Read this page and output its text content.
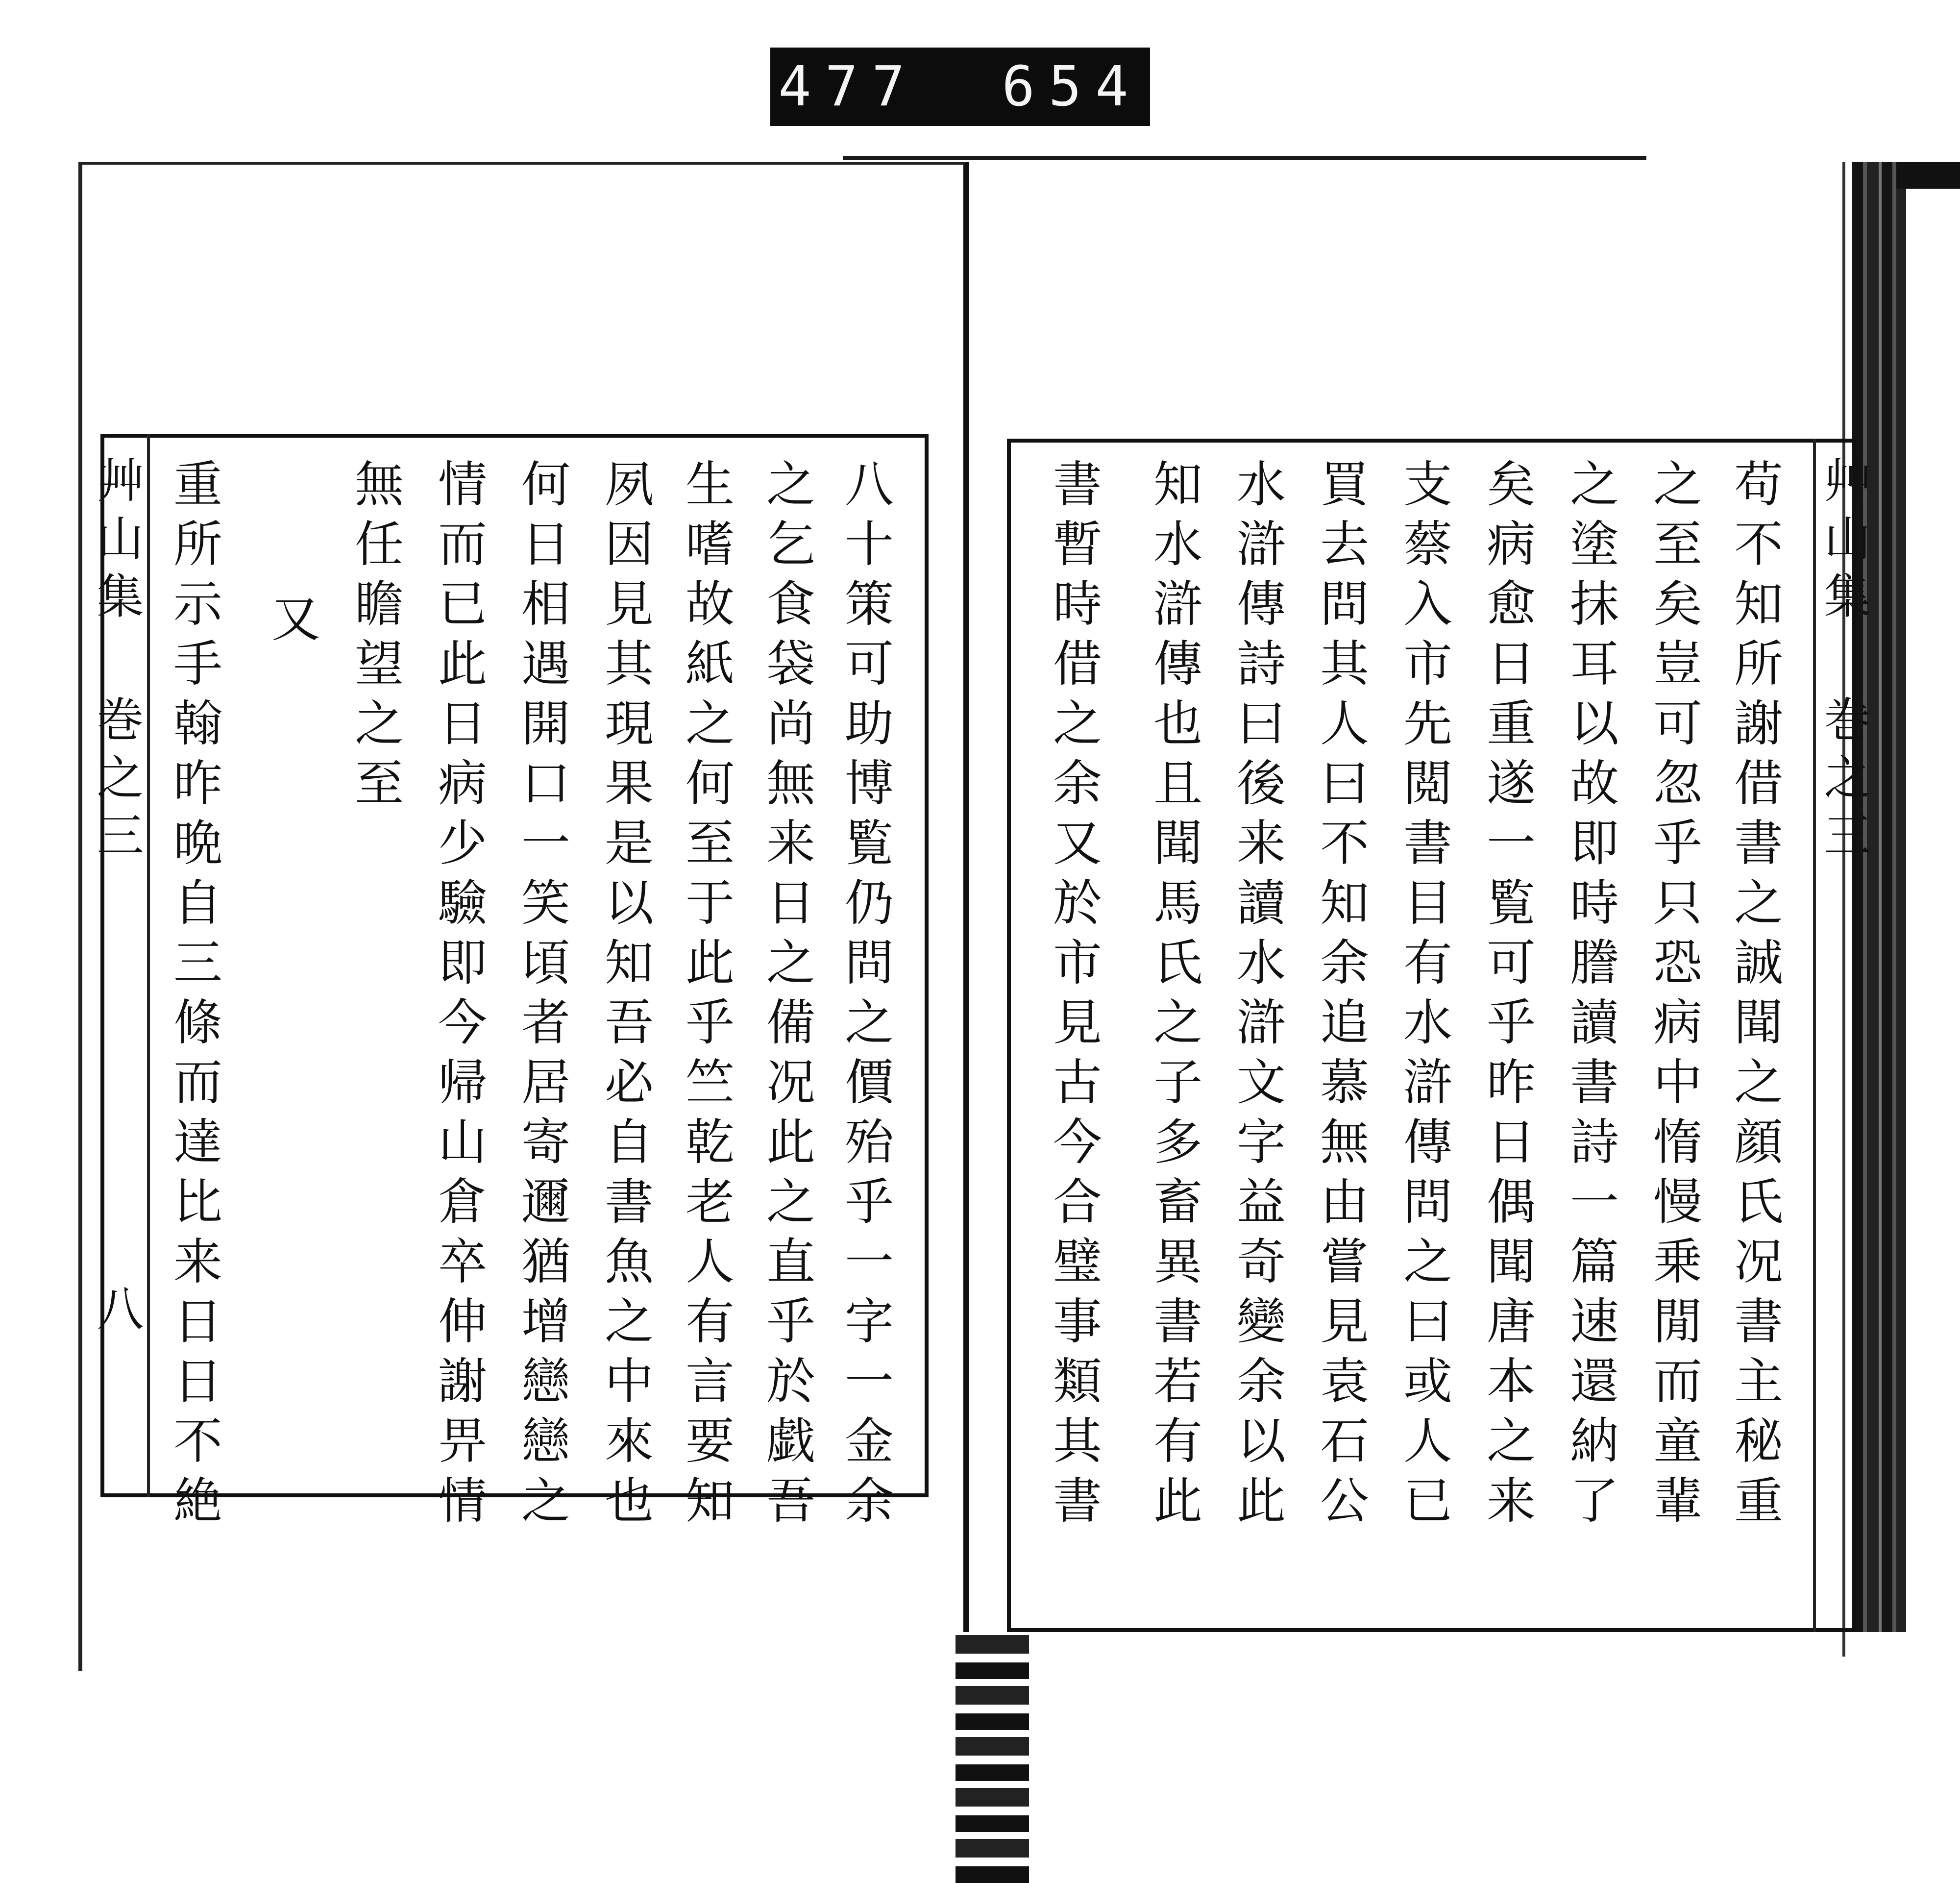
477 654
艸山集 巻之三
八	八十策可助博覧仍問之價殆乎一字一金余
之乞食袋尚無来日之備况此之直乎於戯吾
生嗜故紙之何至于此乎竺乾老人有言要知
夙因見其現果是以知吾必自書魚之中來也
何日相遇開口一笑頃者居寄邇猶增戀戀之
情而已此日病少驗即今帰山倉卒伸謝畀情
無任瞻望之至
又
重所示手翰昨晩自三條而達比来日日不絶	艸山集 巻之三
苟不知所謝借書之誠聞之顔氏况書主秘重
之至矣豈可忽乎只恐病中惰慢乗閒而童輩
之塗抹耳以故即時謄讀書詩一篇速還納了
矣病愈日重遂一覧可乎昨日偶聞唐本之来
支蔡入市先閲書目有水滸傳問之曰或人已
買去問其人曰不知余追慕無由嘗見袁石公
水滸傳詩曰後来讀水滸文字益奇變余以此
知水滸傳也且聞馬氏之子多畜異書若有此
書暫時借之余又於市見古今合璧事類其書
